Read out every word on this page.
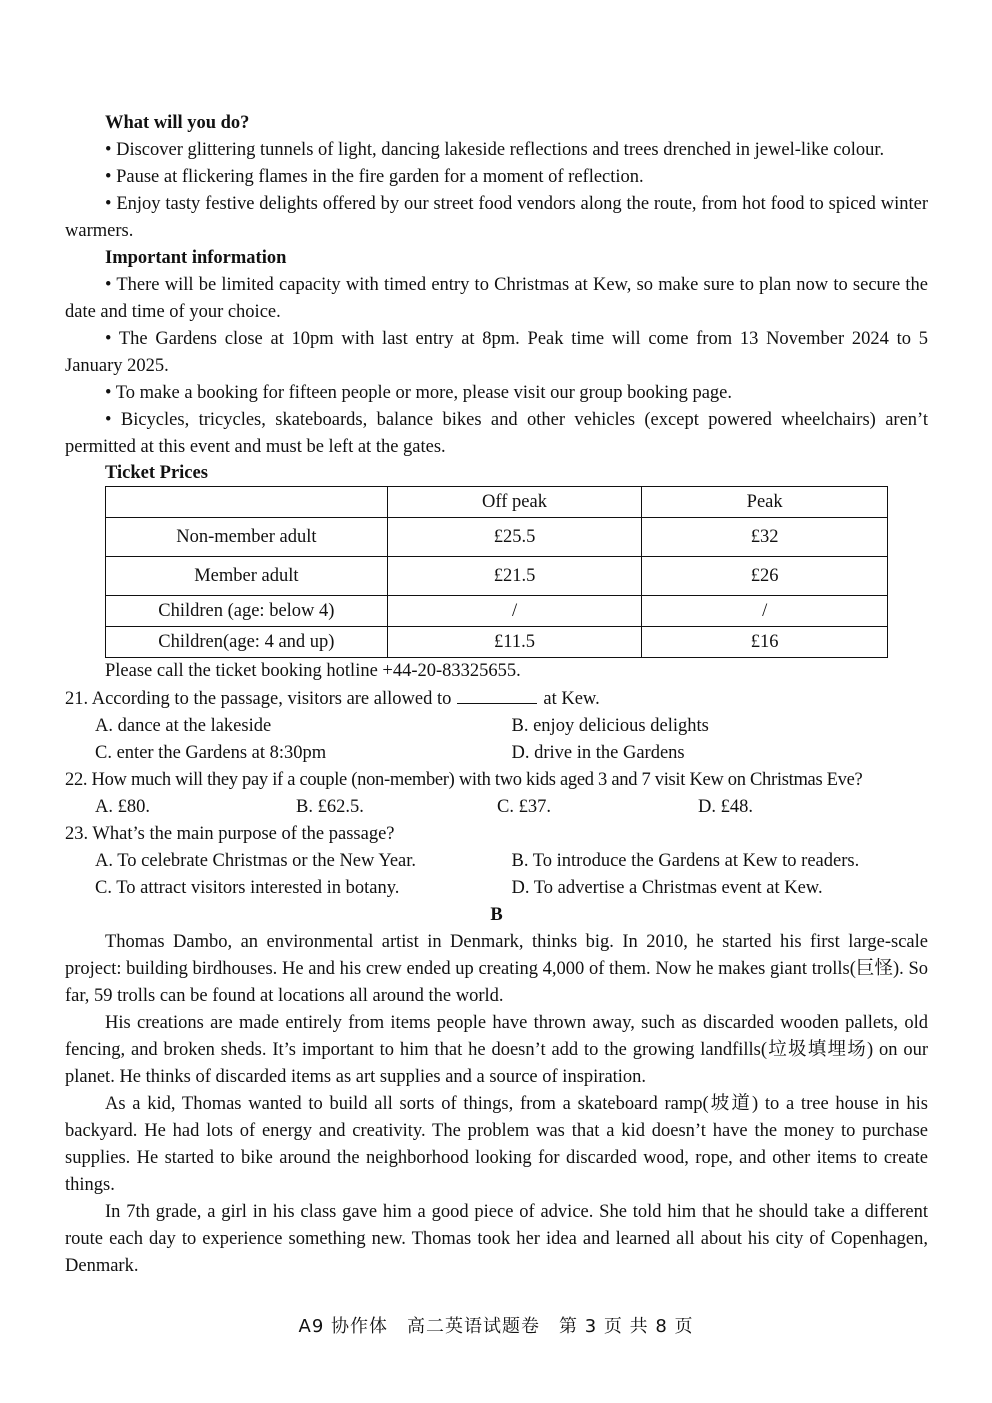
What will you do?

• Discover glittering tunnels of light, dancing lakeside reflections and trees drenched in jewel-like colour.

• Pause at flickering flames in the fire garden for a moment of reflection.

• Enjoy tasty festive delights offered by our street food vendors along the route, from hot food to spiced winter warmers.

Important information

• There will be limited capacity with timed entry to Christmas at Kew, so make sure to plan now to secure the date and time of your choice.

• The Gardens close at 10pm with last entry at 8pm. Peak time will come from 13 November 2024 to 5 January 2025.

• To make a booking for fifteen people or more, please visit our group booking page.

• Bicycles, tricycles, skateboards, balance bikes and other vehicles (except powered wheelchairs) aren’t permitted at this event and must be left at the gates.

Ticket Prices

	Off peak	Peak
Non-member adult	£25.5	£32
Member adult	£21.5	£26
Children (age: below 4)	/	/
Children(age: 4 and up)	£11.5	£16

Please call the ticket booking hotline +44-20-83325655.

21. According to the passage, visitors are allowed to	at Kew.

A. dance at the lakeside	B. enjoy delicious delights
C. enter the Gardens at 8:30pm	D. drive in the Gardens

22. How much will they pay if a couple (non-member) with two kids aged 3 and 7 visit Kew on Christmas Eve?

A. £80.	B. £62.5.	C. £37.	D. £48.

23. What’s the main purpose of the passage?

A. To celebrate Christmas or the New Year.	B. To introduce the Gardens at Kew to readers.
C. To attract visitors interested in botany.	D. To advertise a Christmas event at Kew.

B

Thomas Dambo, an environmental artist in Denmark, thinks big. In 2010, he started his first large-scale project: building birdhouses. He and his crew ended up creating 4,000 of them. Now he makes giant trolls(巨怪). So far, 59 trolls can be found at locations all around the world.

His creations are made entirely from items people have thrown away, such as discarded wooden pallets, old fencing, and broken sheds. It’s important to him that he doesn’t add to the growing landfills(垃圾填埋场) on our planet. He thinks of discarded items as art supplies and a source of inspiration.

As a kid, Thomas wanted to build all sorts of things, from a skateboard ramp(坡道) to a tree house in his backyard. He had lots of energy and creativity. The problem was that a kid doesn’t have the money to purchase supplies. He started to bike around the neighborhood looking for discarded wood, rope, and other items to create things.

In 7th grade, a girl in his class gave him a good piece of advice. She told him that he should take a different route each day to experience something new. Thomas took her idea and learned all about his city of Copenhagen, Denmark.

A9 协作体　高二英语试题卷　第 3 页 共 8 页
